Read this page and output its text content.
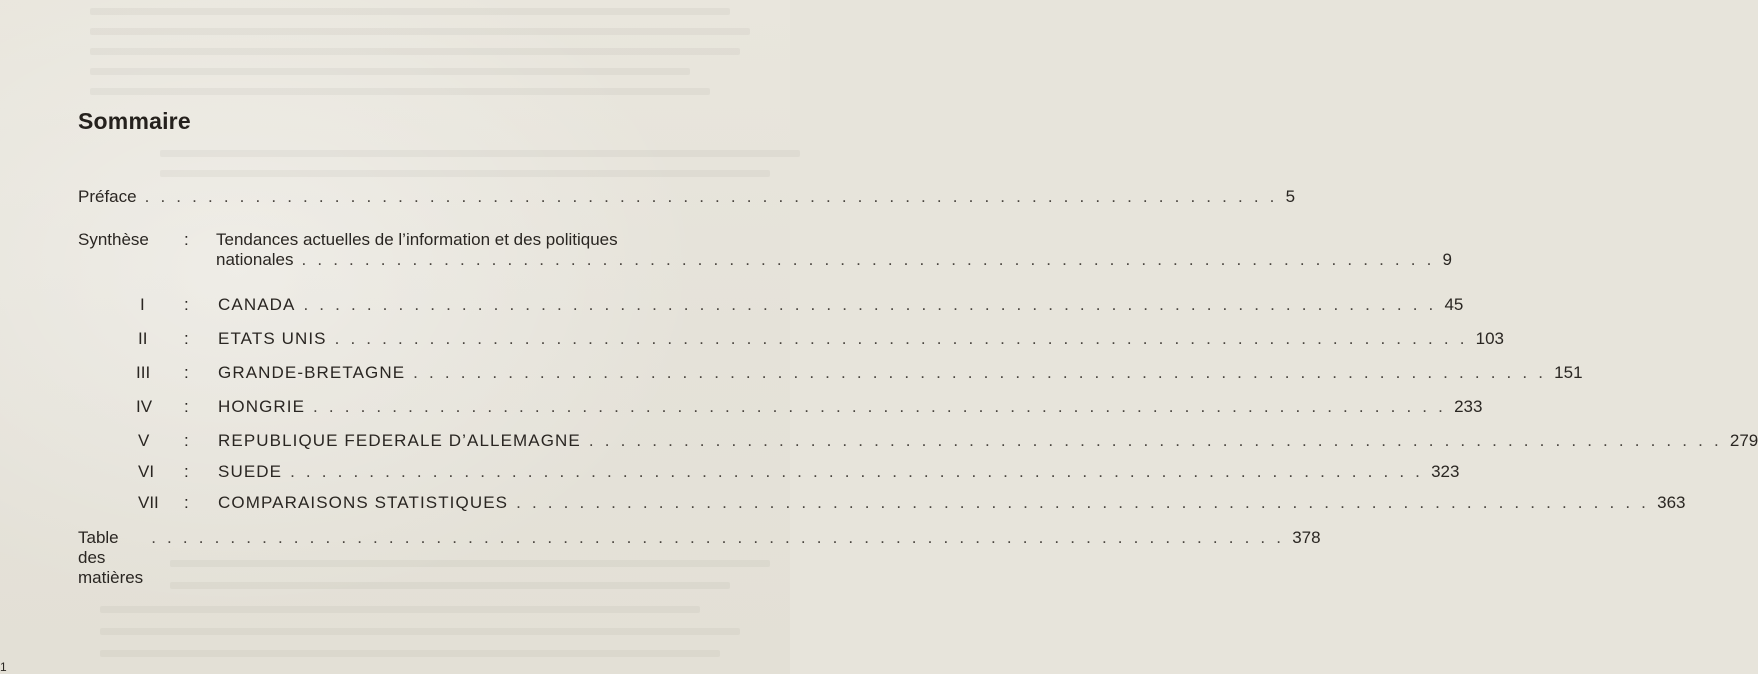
Sommaire
Préface . . . . . . . . . . . . . . . . . . . . . . . . . . . . . . . . . . . . . . . . . . . . . . . . . . . . . . . . . . . . . . . . . . . . . . . . 5
Synthèse : Tendances actuelles de l’information et des politiques
nationales . . . . . . . . . . . . . . . . . . . . . . . . . . . . . . . . . . . . . . . . . . . . . . . . . . . . . . . . . . . . . . . . . . . . . . . . 9
I : CANADA . . . . . . . . . . . . . . . . . . . . . . . . . . . . . . . . . . . . . . . . . . . . . . . . . . . . . . . . . . . . . . . . . . . . . . . . 45
II : ETATS UNIS . . . . . . . . . . . . . . . . . . . . . . . . . . . . . . . . . . . . . . . . . . . . . . . . . . . . . . . . . . . . . . . . . . . . . . . . 103
III : GRANDE-BRETAGNE . . . . . . . . . . . . . . . . . . . . . . . . . . . . . . . . . . . . . . . . . . . . . . . . . . . . . . . . . . . . . . . . . . . . . . . . 151
IV : HONGRIE . . . . . . . . . . . . . . . . . . . . . . . . . . . . . . . . . . . . . . . . . . . . . . . . . . . . . . . . . . . . . . . . . . . . . . . . 233
V : REPUBLIQUE FEDERALE D’ALLEMAGNE . . . . . . . . . . . . . . . . . . . . . . . . . . . . . . . . . . . . . . . . . . . . . . . . . . . . . . . . . . . . . . . . . . . . . . . . 279
VI : SUEDE . . . . . . . . . . . . . . . . . . . . . . . . . . . . . . . . . . . . . . . . . . . . . . . . . . . . . . . . . . . . . . . . . . . . . . . . 323
VII : COMPARAISONS STATISTIQUES . . . . . . . . . . . . . . . . . . . . . . . . . . . . . . . . . . . . . . . . . . . . . . . . . . . . . . . . . . . . . . . . . . . . . . . . 363
Table des matières
. . . . . . . . . . . . . . . . . . . . . . . . . . . . . . . . . . . . . . . . . . . . . . . . . . . . . . . . . . . . . . . . . . . . . . . . 378
1
